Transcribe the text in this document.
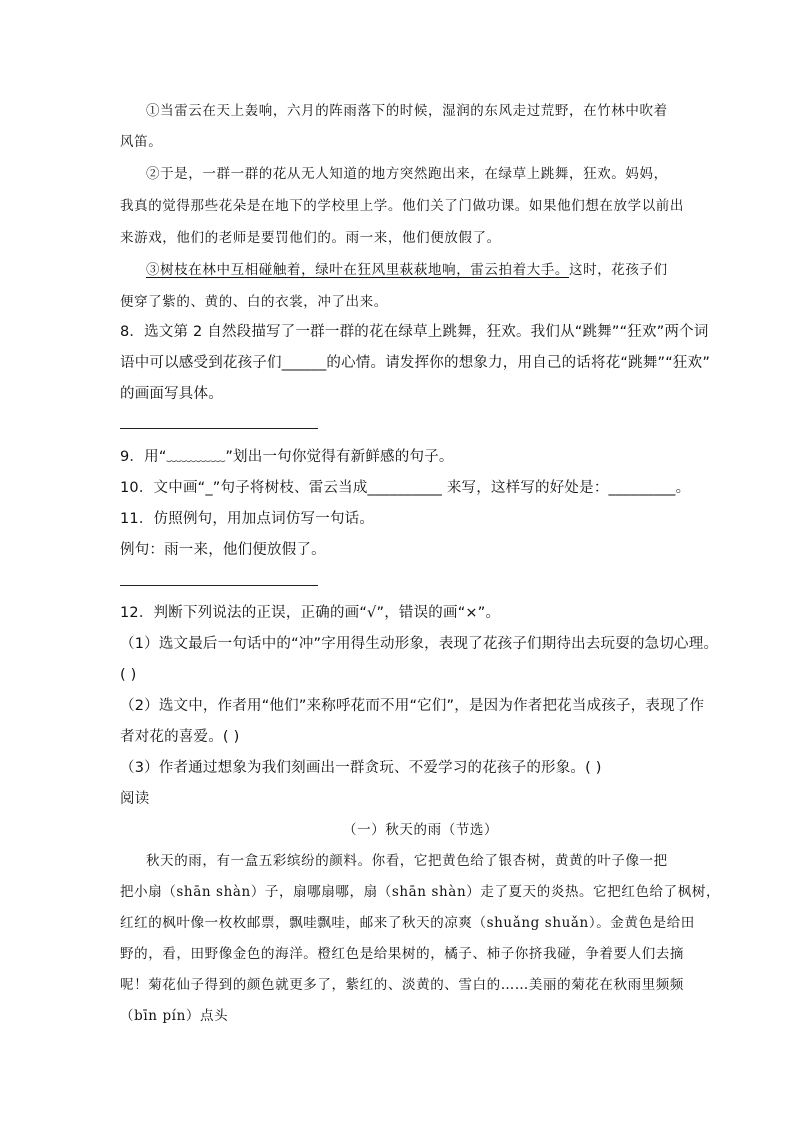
①当雷云在天上轰响，六月的阵雨落下的时候，湿润的东风走过荒野，在竹林中吹着
风笛。
②于是，一群一群的花从无人知道的地方突然跑出来，在绿草上跳舞，狂欢。妈妈，
我真的觉得那些花朵是在地下的学校里上学。他们关了门做功课。如果他们想在放学以前出
来游戏，他们的老师是要罚他们的。雨一来，他们便放假了。
③树枝在林中互相碰触着，绿叶在狂风里萩萩地响，雷云拍着大手。这时，花孩子们
便穿了紫的、黄的、白的衣裳，冲了出来。
8．选文第 2 自然段描写了一群一群的花在绿草上跳舞，狂欢。我们从“跳舞”“狂欢”两个词
语中可以感受到花孩子们______的心情。请发挥你的想象力，用自己的话将花“跳舞”“狂欢”
的画面写具体。
9．用“﹏﹏﹏﹏”划出一句你觉得有新鲜感的句子。
10．文中画“_”句子将树枝、雷云当成__________ 来写，这样写的好处是：_________。
11．仿照例句，用加点词仿写一句话。
例句：雨一来，他们便放假了。
12．判断下列说法的正误，正确的画“√”，错误的画“×”。
（1）选文最后一句话中的“冲”字用得生动形象，表现了花孩子们期待出去玩耍的急切心理。
( )
（2）选文中，作者用“他们”来称呼花而不用“它们”，是因为作者把花当成孩子，表现了作
者对花的喜爱。( )
（3）作者通过想象为我们刻画出一群贪玩、不爱学习的花孩子的形象。( )
阅读
（一）秋天的雨（节选）
秋天的雨，有一盒五彩缤纷的颜料。你看，它把黄色给了银杏树，黄黄的叶子像一把
把小扇（shān shàn）子，扇哪扇哪，扇（shān shàn）走了夏天的炎热。它把红色给了枫树，
红红的枫叶像一枚枚邮票，飘哇飘哇，邮来了秋天的凉爽（shuǎng shuǎn）。金黄色是给田
野的，看，田野像金色的海洋。橙红色是给果树的，橘子、柿子你挤我碰，争着要人们去摘
呢！菊花仙子得到的颜色就更多了，紫红的、淡黄的、雪白的……美丽的菊花在秋雨里频频
（bīn pín）点头
